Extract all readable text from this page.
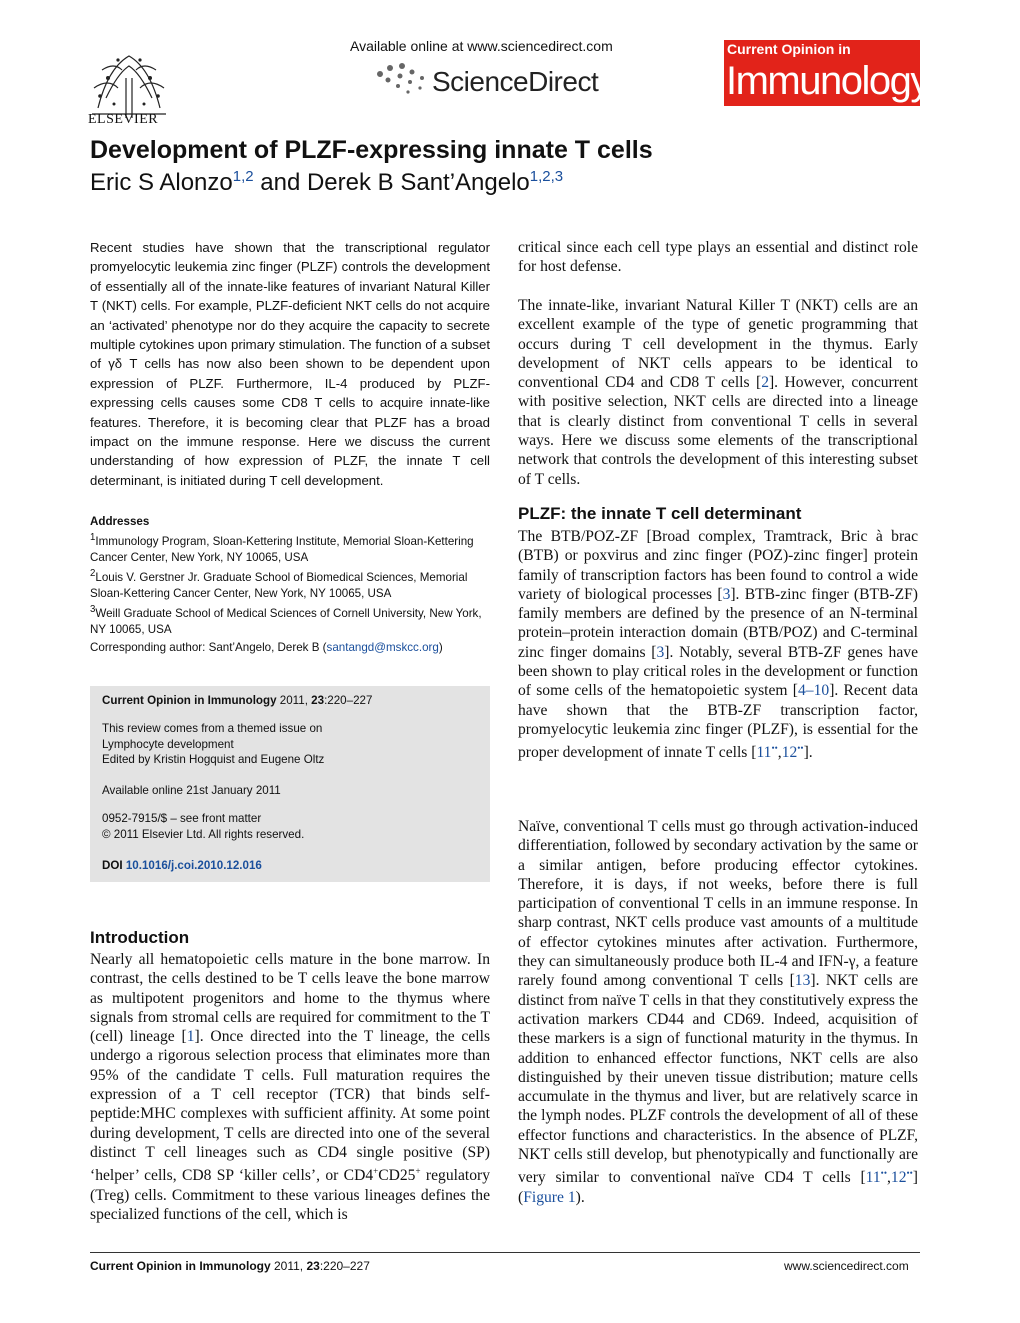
ELSEVIER
Available online at www.sciencedirect.com
ScienceDirect
Current Opinion in
Immunology
Development of PLZF-expressing innate T cells
Eric S Alonzo$^{1,2}$ and Derek B Sant’Angelo$^{1,2,3}$
Recent studies have shown that the transcriptional regulator promyelocytic leukemia zinc finger (PLZF) controls the development of essentially all of the innate-like features of invariant Natural Killer T (NKT) cells. For example, PLZF-deficient NKT cells do not acquire an ‘activated’ phenotype nor do they acquire the capacity to secrete multiple cytokines upon primary stimulation. The function of a subset of γδ T cells has now also been shown to be dependent upon expression of PLZF. Furthermore, IL-4 produced by PLZF-expressing cells causes some CD8 T cells to acquire innate-like features. Therefore, it is becoming clear that PLZF has a broad impact on the immune response. Here we discuss the current understanding of how expression of PLZF, the innate T cell determinant, is initiated during T cell development.
Addresses
$^1$Immunology Program, Sloan-Kettering Institute, Memorial Sloan-Kettering Cancer Center, New York, NY 10065, USA
$^2$Louis V. Gerstner Jr. Graduate School of Biomedical Sciences, Memorial Sloan-Kettering Cancer Center, New York, NY 10065, USA
$^3$Weill Graduate School of Medical Sciences of Cornell University, New York, NY 10065, USA
Corresponding author: Sant’Angelo, Derek B (santangd@mskcc.org)
Current Opinion in Immunology 2011, 23:220–227
This review comes from a themed issue on
Lymphocyte development
Edited by Kristin Hogquist and Eugene Oltz
Available online 21st January 2011
0952-7915/$ – see front matter
© 2011 Elsevier Ltd. All rights reserved.
DOI 10.1016/j.coi.2010.12.016
Introduction
Nearly all hematopoietic cells mature in the bone marrow. In contrast, the cells destined to be T cells leave the bone marrow as multipotent progenitors and home to the thymus where signals from stromal cells are required for commitment to the T (cell) lineage [1]. Once directed into the T lineage, the cells undergo a rigorous selection process that eliminates more than 95% of the candidate T cells. Full maturation requires the expression of a T cell receptor (TCR) that binds self-peptide:MHC complexes with sufficient affinity. At some point during development, T cells are directed into one of the several distinct T cell lineages such as CD4 single positive (SP) ‘helper’ cells, CD8 SP ‘killer cells’, or CD4+CD25+ regulatory (Treg) cells. Commitment to these various lineages defines the specialized functions of the cell, which is
critical since each cell type plays an essential and distinct role for host defense.
The innate-like, invariant Natural Killer T (NKT) cells are an excellent example of the type of genetic programming that occurs during T cell development in the thymus. Early development of NKT cells appears to be identical to conventional CD4 and CD8 T cells [2]. However, concurrent with positive selection, NKT cells are directed into a lineage that is clearly distinct from conventional T cells in several ways. Here we discuss some elements of the transcriptional network that controls the development of this interesting subset of T cells.
PLZF: the innate T cell determinant
The BTB/POZ-ZF [Broad complex, Tramtrack, Bric à brac (BTB) or poxvirus and zinc finger (POZ)-zinc finger] protein family of transcription factors has been found to control a wide variety of biological processes [3]. BTB-zinc finger (BTB-ZF) family members are defined by the presence of an N-terminal protein–protein interaction domain (BTB/POZ) and C-terminal zinc finger domains [3]. Notably, several BTB-ZF genes have been shown to play critical roles in the development or function of some cells of the hematopoietic system [4–10]. Recent data have shown that the BTB-ZF transcription factor, promyelocytic leukemia zinc finger (PLZF), is essential for the proper development of innate T cells [11••,12••].
Naïve, conventional T cells must go through activation-induced differentiation, followed by secondary activation by the same or a similar antigen, before producing effector cytokines. Therefore, it is days, if not weeks, before there is full participation of conventional T cells in an immune response. In sharp contrast, NKT cells produce vast amounts of a multitude of effector cytokines minutes after activation. Furthermore, they can simultaneously produce both IL-4 and IFN-γ, a feature rarely found among conventional T cells [13]. NKT cells are distinct from naïve T cells in that they constitutively express the activation markers CD44 and CD69. Indeed, acquisition of these markers is a sign of functional maturity in the thymus. In addition to enhanced effector functions, NKT cells are also distinguished by their uneven tissue distribution; mature cells accumulate in the thymus and liver, but are relatively scarce in the lymph nodes. PLZF controls the development of all of these effector functions and characteristics. In the absence of PLZF, NKT cells still develop, but phenotypically and functionally are very similar to conventional naïve CD4 T cells [11••,12••] (Figure 1).
Current Opinion in Immunology 2011, 23:220–227	www.sciencedirect.com
